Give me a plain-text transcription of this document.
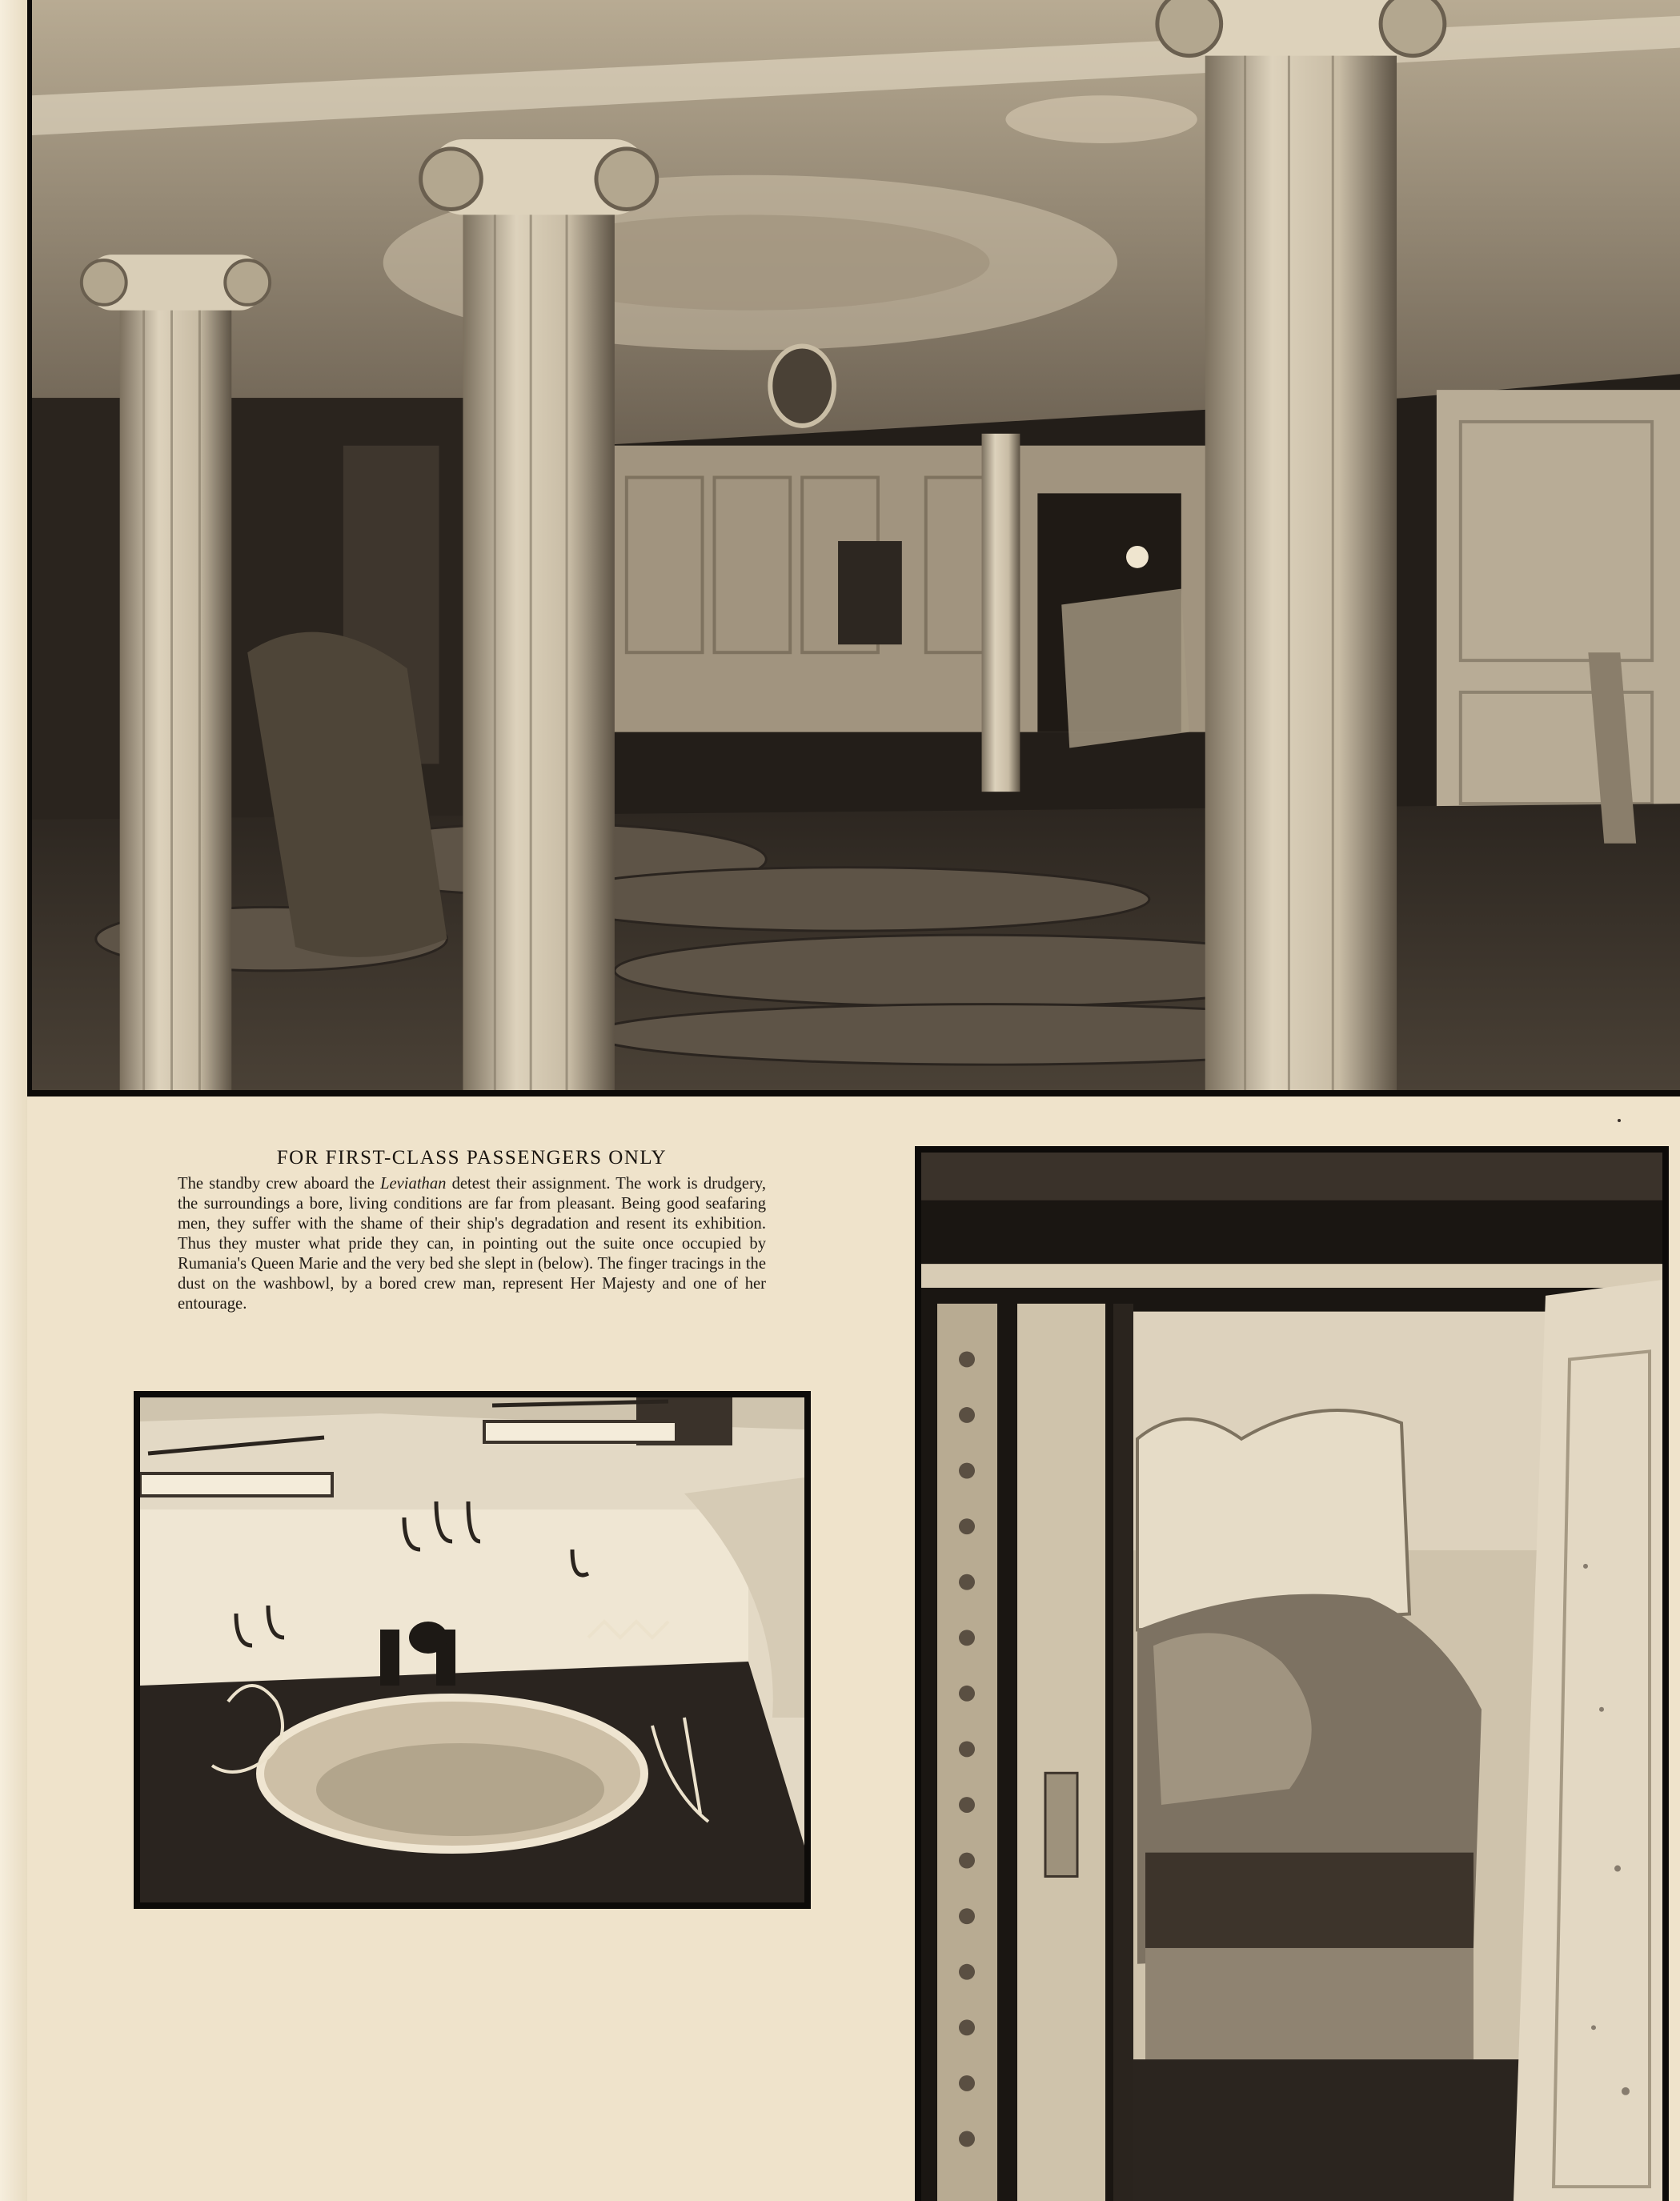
FOR FIRST-CLASS PASSENGERS ONLY

The standby crew aboard the Leviathan detest their assignment. The work is drudgery, the surroundings a bore, living conditions are far from pleasant. Being good seafaring men, they suffer with the shame of their ship's degradation and resent its exhibition. Thus they muster what pride they can, in pointing out the suite once occupied by Rumania's Queen Marie and the very bed she slept in (below). The finger tracings in the dust on the washbowl, by a bored crew man, represent Her Majesty and one of her entourage.
